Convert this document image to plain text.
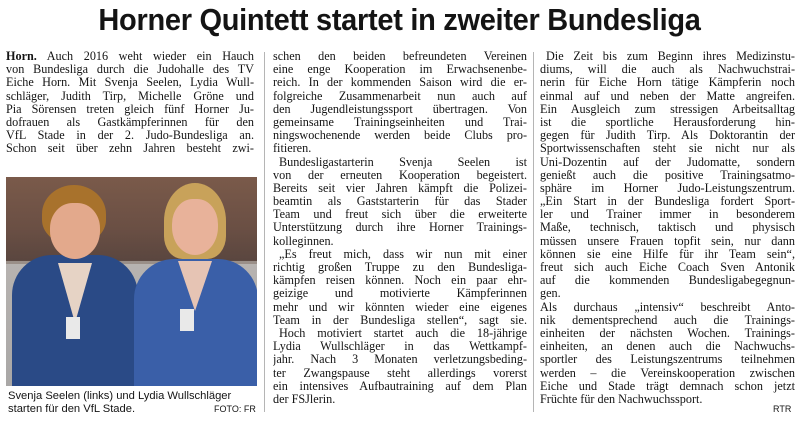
Horner Quintett startet in zweiter Bundesliga
Horn. Auch 2016 weht wieder ein Hauch
von Bundesliga durch die Judohalle des TV
Eiche Horn. Mit Svenja Seelen, Lydia Wull-
schläger, Judith Tirp, Michelle Gröne und
Pia Sörensen treten gleich fünf Horner Ju-
dofrauen als Gastkämpferinnen für den
VfL Stade in der 2. Judo-Bundesliga an.
Schon seit über zehn Jahren besteht zwi-
Svenja Seelen (links) und Lydia Wullschläger
starten für den VfL Stade.	FOTO: FR
schen den beiden befreundeten Vereinen
eine enge Kooperation im Erwachsenenbe-
reich. In der kommenden Saison wird die er-
folgreiche Zusammenarbeit nun auch auf
den Jugendleistungssport übertragen. Von
gemeinsame Trainingseinheiten und Trai-
ningswochenende werden beide Clubs pro-
fitieren.
Bundesligastarterin Svenja Seelen ist
von der erneuten Kooperation begeistert.
Bereits seit vier Jahren kämpft die Polizei-
beamtin als Gaststarterin für das Stader
Team und freut sich über die erweiterte
Unterstützung durch ihre Horner Trainings-
kolleginnen.
„Es freut mich, dass wir nun mit einer
richtig großen Truppe zu den Bundesliga-
kämpfen reisen können. Noch ein paar ehr-
geizige und motivierte Kämpferinnen
mehr und wir könnten wieder eine eigenes
Team in der Bundesliga stellen“, sagt sie.
Hoch motiviert startet auch die 18-jährige
Lydia Wullschläger in das Wettkampf-
jahr. Nach 3 Monaten verletzungsbeding-
ter Zwangspause steht allerdings vorerst
ein intensives Aufbautraining auf dem Plan
der FSJlerin.
Die Zeit bis zum Beginn ihres Medizinstu-
diums, will die auch als Nachwuchstrai-
nerin für Eiche Horn tätige Kämpferin noch
einmal auf und neben der Matte angreifen.
Ein Ausgleich zum stressigen Arbeitsalltag
ist die sportliche Herausforderung hin-
gegen für Judith Tirp. Als Doktorantin der
Sportwissenschaften steht sie nicht nur als
Uni-Dozentin auf der Judomatte, sondern
genießt auch die positive Trainingsatmo-
sphäre im Horner Judo-Leistungszentrum.
„Ein Start in der Bundesliga fordert Sport-
ler und Trainer immer in besonderem
Maße, technisch, taktisch und physisch
müssen unsere Frauen topfit sein, nur dann
können sie eine Hilfe für ihr Team sein“,
freut sich auch Eiche Coach Sven Antonik
auf die kommenden Bundesligabegegnun-
gen.
Als durchaus „intensiv“ beschreibt Anto-
nik dementsprechend auch die Trainings-
einheiten der nächsten Wochen. Trainings-
einheiten, an denen auch die Nachwuchs-
sportler des Leistungszentrums teilnehmen
werden – die Vereinskooperation zwischen
Eiche und Stade trägt demnach schon jetzt
Früchte für den Nachwuchssport.
RTR
